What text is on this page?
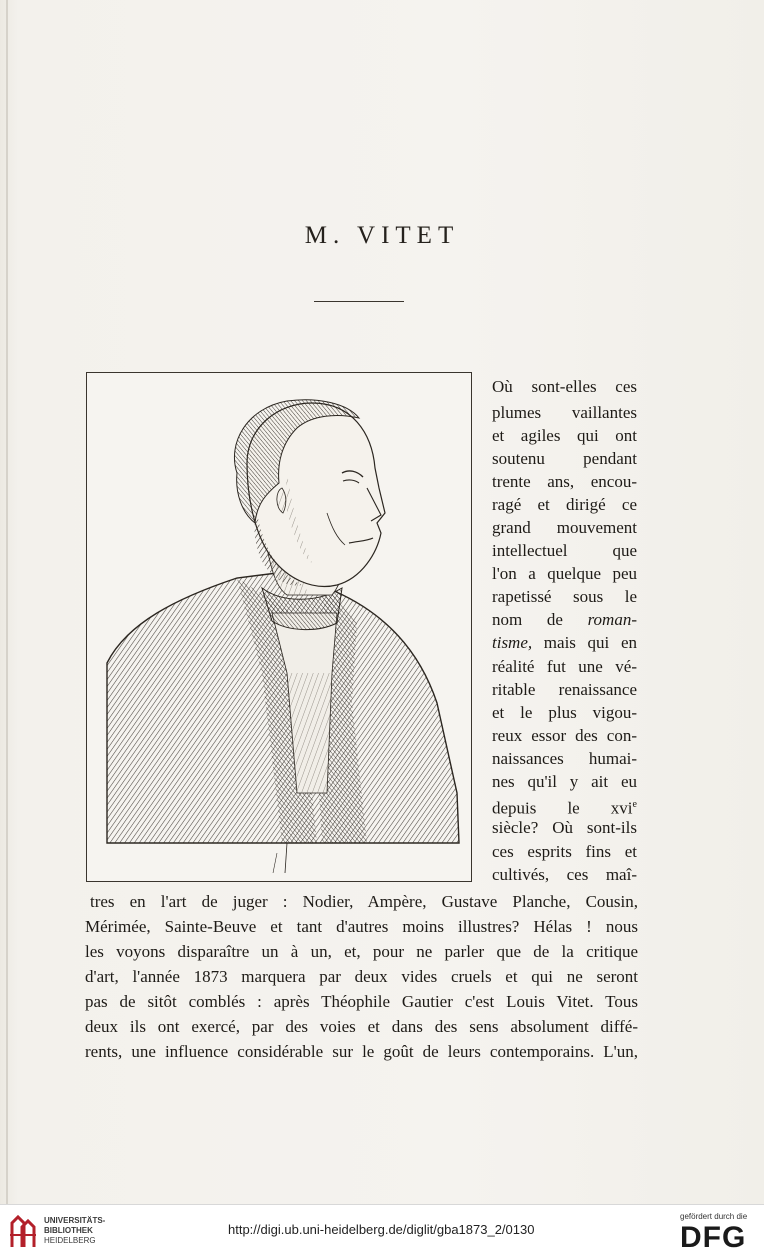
M. VITET
Où sont-elles ces
plumes vaillantes
et agiles qui ont
soutenu pendant
trente ans, encou-
ragé et dirigé ce
grand mouvement
intellectuel que
l'on a quelque peu
rapetissé sous le
nom de roman-
tisme, mais qui en
réalité fut une vé-
ritable renaissance
et le plus vigou-
reux essor des con-
naissances humai-
nes qu'il y ait eu
depuis le xvi$^e$
siècle? Où sont-ils
ces esprits fins et
cultivés, ces maî-
tres en l'art de juger : Nodier, Ampère, Gustave Planche, Cousin,
Mérimée, Sainte-Beuve et tant d'autres moins illustres? Hélas ! nous
les voyons disparaître un à un, et, pour ne parler que de la critique
d'art, l'année 1873 marquera par deux vides cruels et qui ne seront
pas de sitôt comblés : après Théophile Gautier c'est Louis Vitet. Tous
deux ils ont exercé, par des voies et dans des sens absolument diffé-
rents, une influence considérable sur le goût de leurs contemporains. L'un,
UNIVERSITÄTS-
BIBLIOTHEK
HEIDELBERG
http://digi.ub.uni-heidelberg.de/diglit/gba1873_2/0130
gefördert durch die
DFG
